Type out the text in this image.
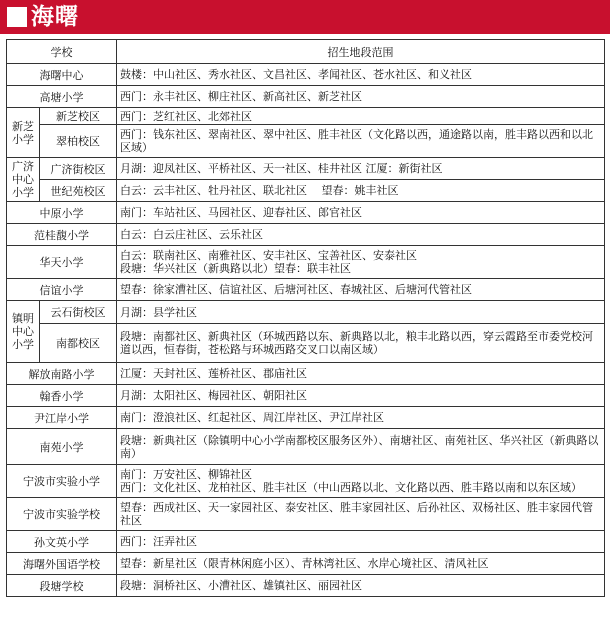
海曙
学校		招生地段范围
海曙中心		鼓楼：中山社区、秀水社区、文昌社区、孝闻社区、苍水社区、和义社区

高塘小学		西门：永丰社区、柳庄社区、新高社区、新芝社区

新芝小学	新芝校区	西门：芝红社区、北郊社区

	翠柏校区	西门：钱东社区、翠南社区、翠中社区、胜丰社区（文化路以西，通途路以南，胜丰路以西和以北区域）

广济中心小学	广济街校区	月湖：迎凤社区、平桥社区、天一社区、桂井社区 江厦：新街社区

	世纪苑校区	白云：云丰社区、牡丹社区、联北社区　 望春：姚丰社区

中原小学		南门：车站社区、马园社区、迎春社区、郎官社区

范桂馥小学		白云：白云庄社区、云乐社区

华天小学		白云：联南社区、南雅社区、安丰社区、宝善社区、安泰社区
段塘：华兴社区（新典路以北）望春：联丰社区

信谊小学		望春：徐家漕社区、信谊社区、后塘河社区、春城社区、后塘河代管社区

镇明中心小学	云石街校区	月湖：县学社区

	南都校区	段塘：南都社区、新典社区（环城西路以东、新典路以北，粮丰北路以西，穿云霞路至市委党校河道以西，恒春街，苍松路与环城西路交叉口以南区域）

解放南路小学		江厦：天封社区、莲桥社区、郡庙社区

翰香小学		月湖：太阳社区、梅园社区、朝阳社区

尹江岸小学		南门：澄浪社区、红起社区、周江岸社区、尹江岸社区

南苑小学		段塘：新典社区（除镇明中心小学南都校区服务区外）、南塘社区、南苑社区、华兴社区（新典路以南）

宁波市实验小学		南门：万安社区、柳锦社区
西门：文化社区、龙柏社区、胜丰社区（中山西路以北、文化路以西、胜丰路以南和以东区域）

宁波市实验学校		望春：西成社区、天一家园社区、泰安社区、胜丰家园社区、后孙社区、双杨社区、胜丰家园代管社区

孙文英小学		西门：汪弄社区

海曙外国语学校		望春：新星社区（限青林闲庭小区）、青林湾社区、水岸心境社区、清风社区

段塘学校		段塘：洞桥社区、小漕社区、雄镇社区、丽园社区
